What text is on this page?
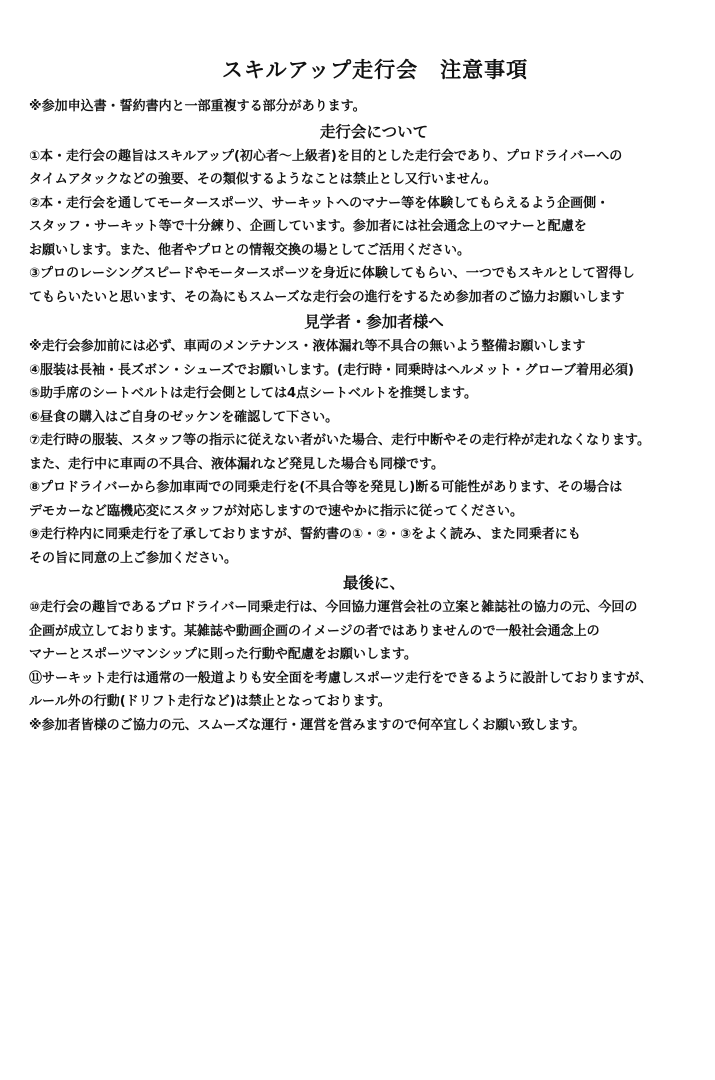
スキルアップ走行会　注意事項
※参加申込書・誓約書内と一部重複する部分があります。
走行会について
①本・走行会の趣旨はスキルアップ(初心者～上級者)を目的とした走行会であり、プロドライバーへの
タイムアタックなどの強要、その類似するようなことは禁止とし又行いません。
②本・走行会を通してモータースポーツ、サーキットへのマナー等を体験してもらえるよう企画側・
スタッフ・サーキット等で十分練り、企画しています。参加者には社会通念上のマナーと配慮を
お願いします。また、他者やプロとの情報交換の場としてご活用ください。
③プロのレーシングスピードやモータースポーツを身近に体験してもらい、一つでもスキルとして習得し
てもらいたいと思います、その為にもスムーズな走行会の進行をするため参加者のご協力お願いします
見学者・参加者様へ
※走行会参加前には必ず、車両のメンテナンス・液体漏れ等不具合の無いよう整備お願いします
④服装は長袖・長ズボン・シューズでお願いします。(走行時・同乗時はヘルメット・グローブ着用必須)
⑤助手席のシートベルトは走行会側としては4点シートベルトを推奨します。
⑥昼食の購入はご自身のゼッケンを確認して下さい。
⑦走行時の服装、スタッフ等の指示に従えない者がいた場合、走行中断やその走行枠が走れなくなります。
また、走行中に車両の不具合、液体漏れなど発見した場合も同様です。
⑧プロドライバーから参加車両での同乗走行を(不具合等を発見し)断る可能性があります、その場合は
デモカーなど臨機応変にスタッフが対応しますので速やかに指示に従ってください。
⑨走行枠内に同乗走行を了承しておりますが、誓約書の①・②・③をよく読み、また同乗者にも
その旨に同意の上ご参加ください。
最後に、
⑩走行会の趣旨であるプロドライバー同乗走行は、今回協力運営会社の立案と雑誌社の協力の元、今回の
企画が成立しております。某雑誌や動画企画のイメージの者ではありませんので一般社会通念上の
マナーとスポーツマンシップに則った行動や配慮をお願いします。
⑪サーキット走行は通常の一般道よりも安全面を考慮しスポーツ走行をできるように設計しておりますが、
ルール外の行動(ドリフト走行など)は禁止となっております。
※参加者皆様のご協力の元、スムーズな運行・運営を営みますので何卒宜しくお願い致します。
